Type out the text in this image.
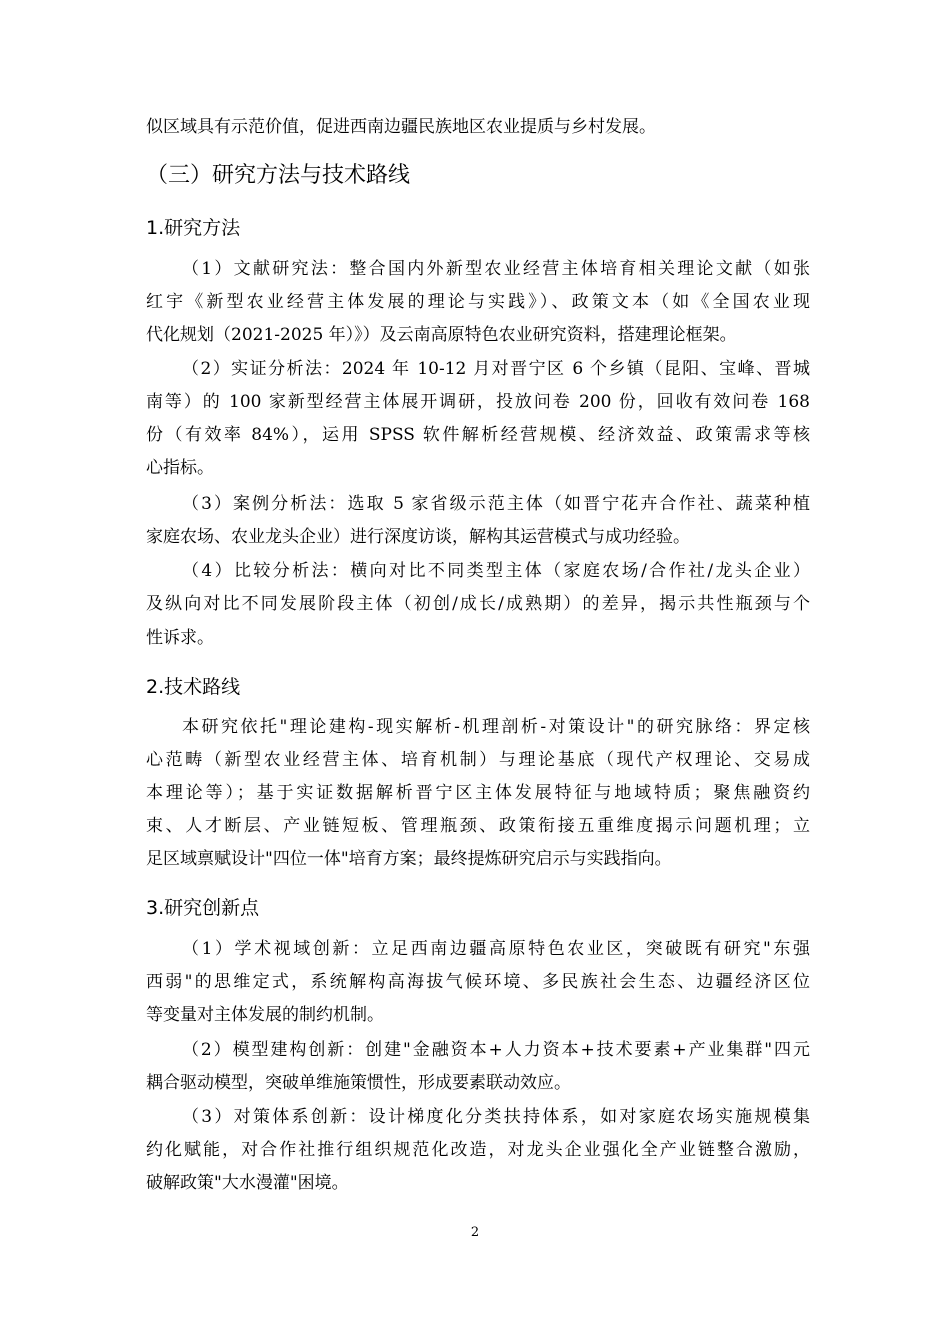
似区域具有示范价值，促进西南边疆民族地区农业提质与乡村发展。
（三）研究方法与技术路线
1.研究方法
（1）文献研究法：整合国内外新型农业经营主体培育相关理论文献（如张
红宇《新型农业经营主体发展的理论与实践》）、政策文本（如《全国农业现
代化规划（2021-2025 年）》）及云南高原特色农业研究资料，搭建理论框架。
（2）实证分析法：2024 年 10-12 月对晋宁区 6 个乡镇（昆阳、宝峰、晋城
南等）的 100 家新型经营主体展开调研，投放问卷 200 份，回收有效问卷 168
份（有效率 84%），运用 SPSS 软件解析经营规模、经济效益、政策需求等核
心指标。
（3）案例分析法：选取 5 家省级示范主体（如晋宁花卉合作社、蔬菜种植
家庭农场、农业龙头企业）进行深度访谈，解构其运营模式与成功经验。
（4）比较分析法：横向对比不同类型主体（家庭农场/合作社/龙头企业）
及纵向对比不同发展阶段主体（初创/成长/成熟期）的差异，揭示共性瓶颈与个
性诉求。
2.技术路线
本研究依托"理论建构-现实解析-机理剖析-对策设计"的研究脉络：界定核
心范畴（新型农业经营主体、培育机制）与理论基底（现代产权理论、交易成
本理论等）；基于实证数据解析晋宁区主体发展特征与地域特质；聚焦融资约
束、人才断层、产业链短板、管理瓶颈、政策衔接五重维度揭示问题机理；立
足区域禀赋设计"四位一体"培育方案；最终提炼研究启示与实践指向。
3.研究创新点
（1）学术视域创新：立足西南边疆高原特色农业区，突破既有研究"东强
西弱"的思维定式，系统解构高海拔气候环境、多民族社会生态、边疆经济区位
等变量对主体发展的制约机制。
（2）模型建构创新：创建"金融资本+人力资本+技术要素+产业集群"四元
耦合驱动模型，突破单维施策惯性，形成要素联动效应。
（3）对策体系创新：设计梯度化分类扶持体系，如对家庭农场实施规模集
约化赋能，对合作社推行组织规范化改造，对龙头企业强化全产业链整合激励，
破解政策"大水漫灌"困境。
2
